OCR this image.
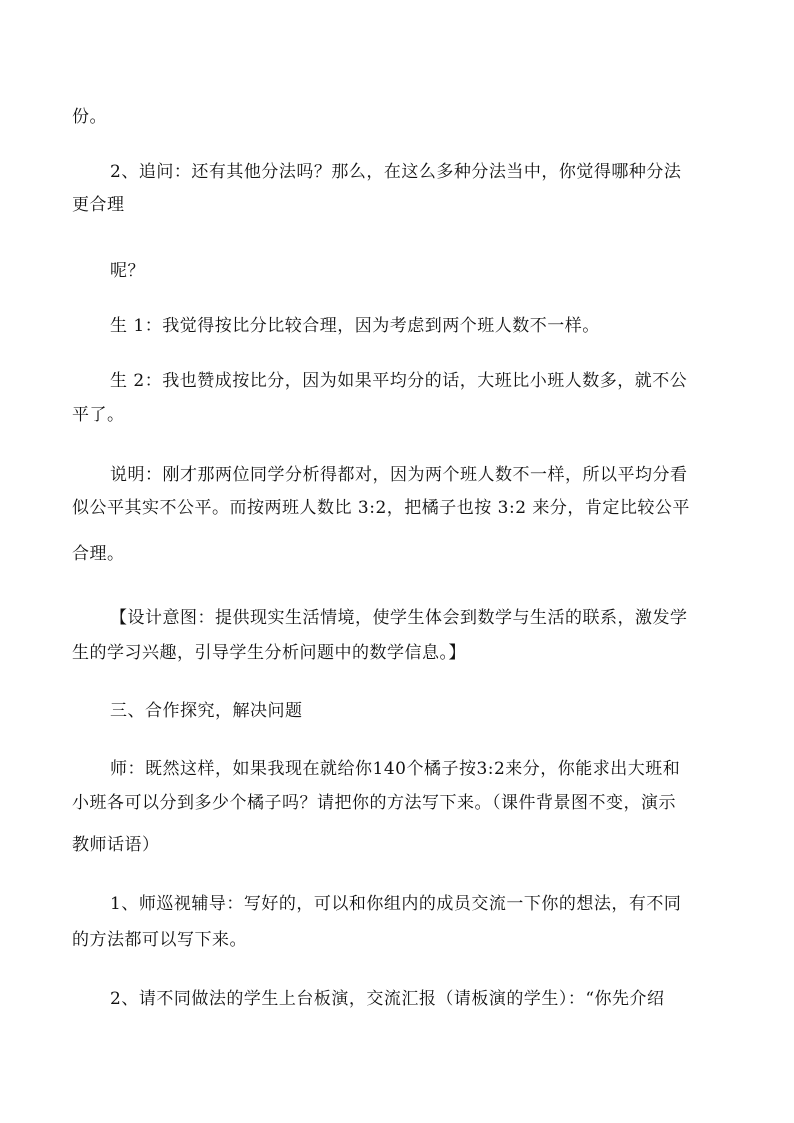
份。
2、追问：还有其他分法吗？那么，在这么多种分法当中，你觉得哪种分法
更合理
呢？
生 1：我觉得按比分比较合理，因为考虑到两个班人数不一样。
生 2：我也赞成按比分，因为如果平均分的话，大班比小班人数多，就不公
平了。
说明：刚才那两位同学分析得都对，因为两个班人数不一样，所以平均分看
似公平其实不公平。而按两班人数比 3:2，把橘子也按 3:2 来分，肯定比较公平
合理。
【设计意图：提供现实生活情境，使学生体会到数学与生活的联系，激发学
生的学习兴趣，引导学生分析问题中的数学信息。】
三、合作探究，解决问题
师：既然这样，如果我现在就给你140个橘子按3:2来分，你能求出大班和
小班各可以分到多少个橘子吗？请把你的方法写下来。（课件背景图不变，演示
教师话语）
1、师巡视辅导：写好的，可以和你组内的成员交流一下你的想法，有不同
的方法都可以写下来。
2、请不同做法的学生上台板演，交流汇报（请板演的学生）：“你先介绍
